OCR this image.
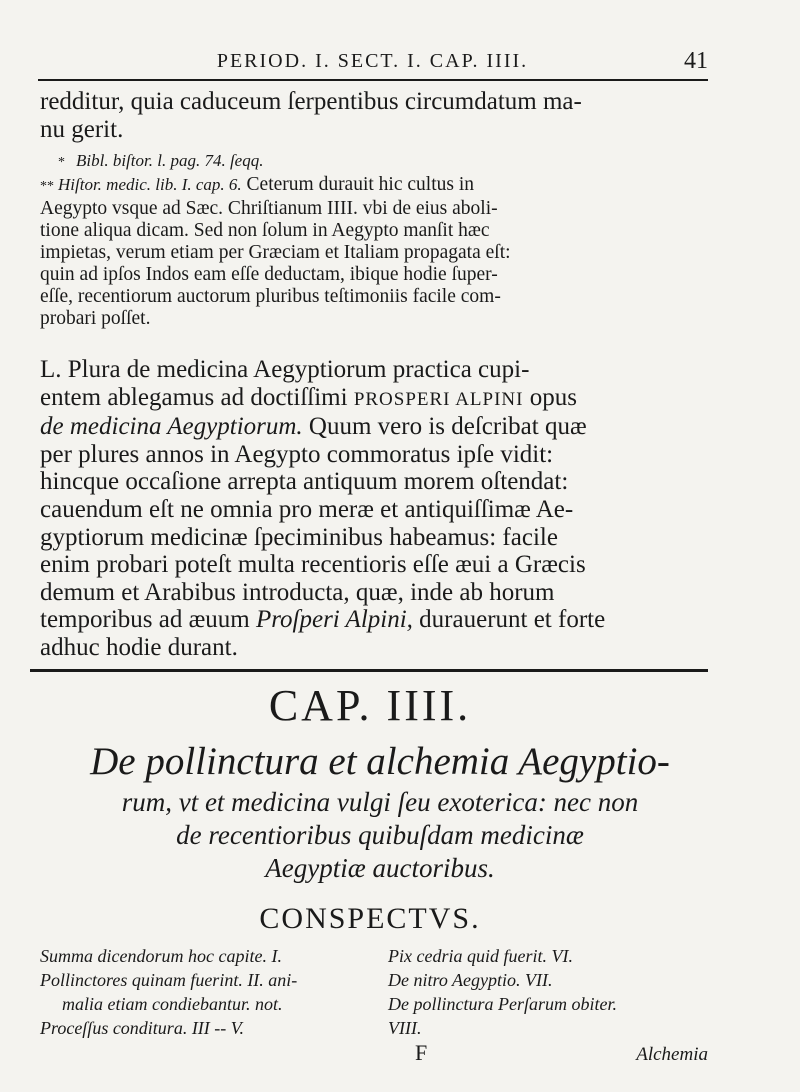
PERIOD. I. SECT. I. CAP. IIII.	41
redditur, quia caduceum ſerpentibus circumdatum ma-
nu gerit.
* Bibl. biſtor. l. pag. 74. ſeqq.
** Hiſtor. medic. lib. I. cap. 6. Ceterum durauit hic cultus in
Aegypto vsque ad Sæc. Chriſtianum IIII. vbi de eius aboli-
tione aliqua dicam. Sed non ſolum in Aegypto manſit hæc
impietas, verum etiam per Græciam et Italiam propagata eſt:
quin ad ipſos Indos eam eſſe deductam, ibique hodie ſuper-
eſſe, recentiorum auctorum pluribus teſtimoniis facile com-
probari poſſet.
L. Plura de medicina Aegyptiorum practica cupi-
entem ablegamus ad doctiſſimi PROSPERI ALPINI opus
de medicina Aegyptiorum. Quum vero is deſcribat quæ
per plures annos in Aegypto commoratus ipſe vidit:
hincque occaſione arrepta antiquum morem oſtendat:
cauendum eſt ne omnia pro meræ et antiquiſſimæ Ae-
gyptiorum medicinæ ſpeciminibus habeamus: facile
enim probari poteſt multa recentioris eſſe æui a Græcis
demum et Arabibus introducta, quæ, inde ab horum
temporibus ad æuum Proſperi Alpini, durauerunt et forte
adhuc hodie durant.
CAP. IIII.
De pollinctura et alchemia Aegyptio-
rum, vt et medicina vulgi ſeu exoterica: nec non
de recentioribus quibuſdam medicinæ
Aegyptiæ auctoribus.
CONSPECTVS.
Summa dicendorum hoc capite. I.
Pollinctores quinam fuerint. II. ani-
malia etiam condiebantur. not.
Proceſſus conditura. III -- V.
Pix cedria quid fuerit. VI.
De nitro Aegyptio. VII.
De pollinctura Perſarum obiter.
VIII.
F	Alchemia
